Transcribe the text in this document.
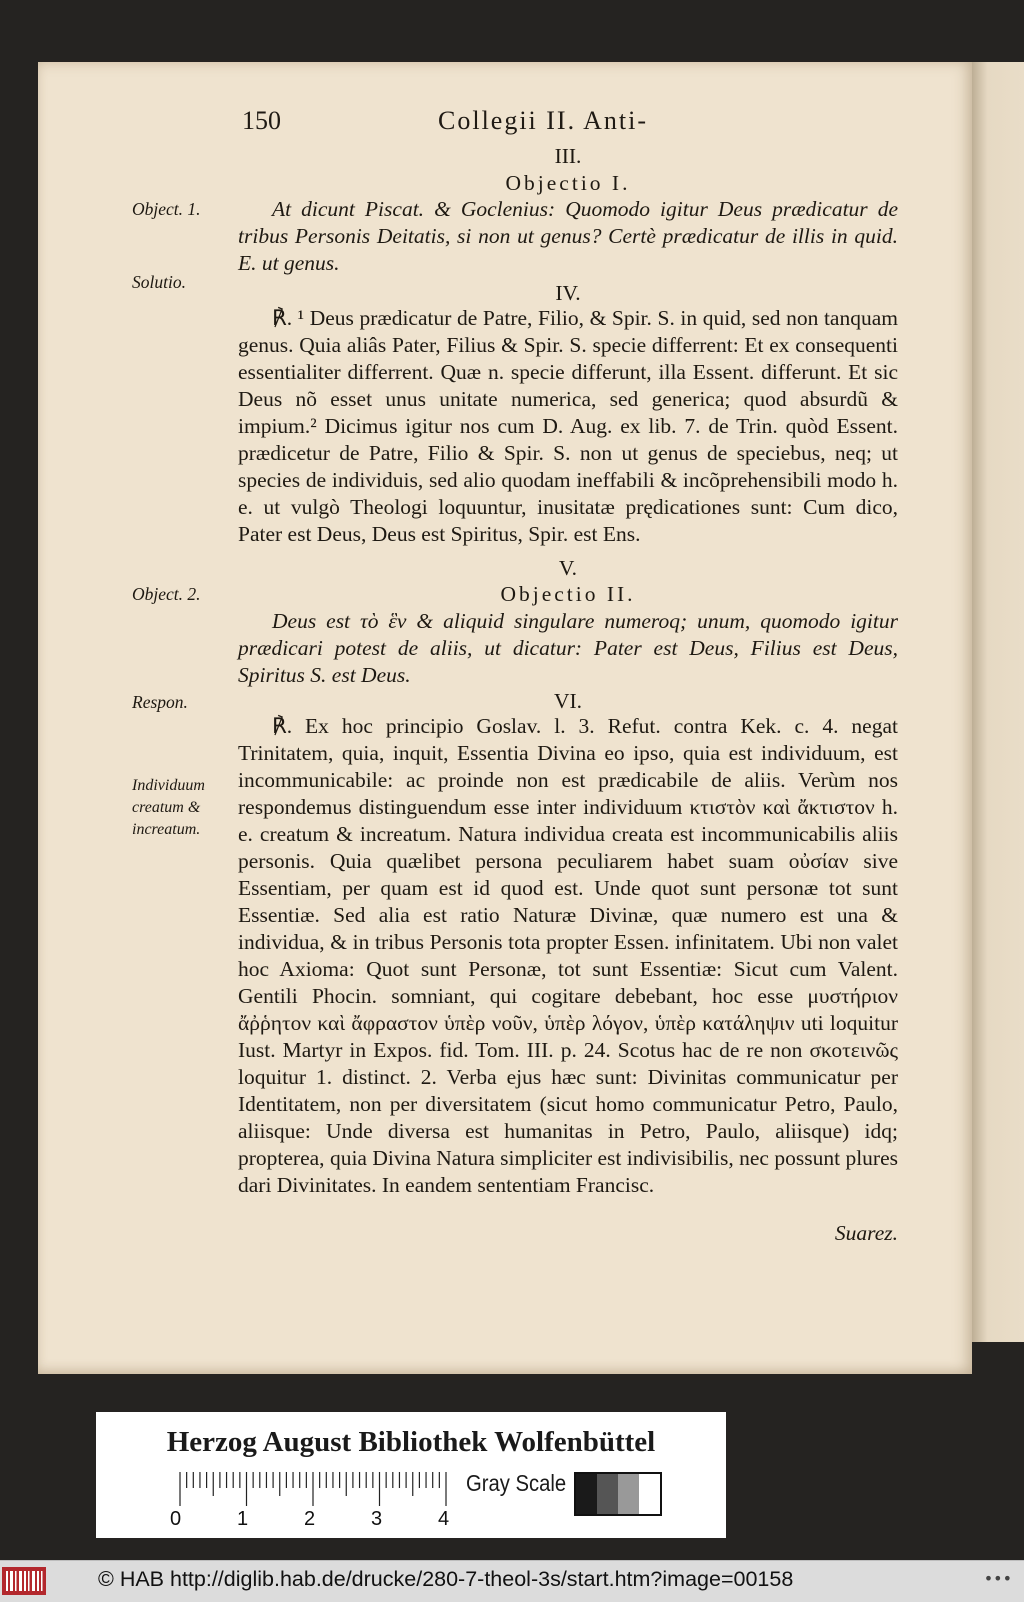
150	Collegii II. Anti-
III.
Objectio I.
Object. 1.	At dicunt Piscat. & Goclenius: Quomodo igitur Deus prædicatur de tribus Personis Deitatis, si non ut genus? Certè prædicatur de illis in quid. E. ut genus.

IV.
Solutio.

℟. ¹ Deus prædicatur de Patre, Filio, & Spir. S. in quid, sed non tanquam genus. Quia aliâs Pater, Filius & Spir. S. specie differrent: Et ex consequenti essentialiter differrent. Quæ n. specie differunt, illa Essent. differunt. Et sic Deus nõ esset unus unitate numerica, sed generica; quod absurdũ & impium.² Dicimus igitur nos cum D. Aug. ex lib. 7. de Trin. quòd Essent. prædicetur de Patre, Filio & Spir. S. non ut genus de speciebus, neq; ut species de individuis, sed alio quodam ineffabili & incõprehensibili modo h. e. ut vulgò Theologi loquuntur, inusitatæ prędicationes sunt: Cum dico, Pater est Deus, Deus est Spiritus, Spir. est Ens.

V.
Objectio II.
Object. 2.

Deus est τὸ ἓν & aliquid singulare numeroq; unum, quomodo igitur prædicari potest de aliis, ut dicatur: Pater est Deus, Filius est Deus, Spiritus S. est Deus.

VI.
Respon.
Individuum creatum & increatum.

℟. Ex hoc principio Goslav. l. 3. Refut. contra Kek. c. 4. negat Trinitatem, quia, inquit, Essentia Divina eo ipso, quia est individuum, est incommunicabile: ac proinde non est prædicabile de aliis. Verùm nos respondemus distinguendum esse inter individuum κτιστὸν καὶ ἄκτιστον h. e. creatum & increatum. Natura individua creata est incommunicabilis aliis personis. Quia quælibet persona peculiarem habet suam οὐσίαν sive Essentiam, per quam est id quod est. Unde quot sunt personæ tot sunt Essentiæ. Sed alia est ratio Naturæ Divinæ, quæ numero est una & individua, & in tribus Personis tota propter Essen. infinitatem. Ubi non valet hoc Axioma: Quot sunt Personæ, tot sunt Essentiæ: Sicut cum Valent. Gentili Phocin. somniant, qui cogitare debebant, hoc esse μυστήριον ἄῤῥητον καὶ ἄφραστον ὑπὲρ νοῦν, ὑπὲρ λόγον, ὑπὲρ κατάληψιν uti loquitur Iust. Martyr in Expos. fid. Tom. III. p. 24. Scotus hac de re non σκοτεινῶς loquitur 1. distinct. 2. Verba ejus hæc sunt: Divinitas communicatur per Identitatem, non per diversitatem (sicut homo communicatur Petro, Paulo, aliisque: Unde diversa est humanitas in Petro, Paulo, aliisque) idq; propterea, quia Divina Natura simpliciter est indivisibilis, nec possunt plures dari Divinitates. In eandem sententiam Francisc.

Suarez.
Herzog August Bibliothek Wolfenbüttel
0	1	2	3	4
Gray Scale
© HAB http://diglib.hab.de/drucke/280-7-theol-3s/start.htm?image=00158	•••
